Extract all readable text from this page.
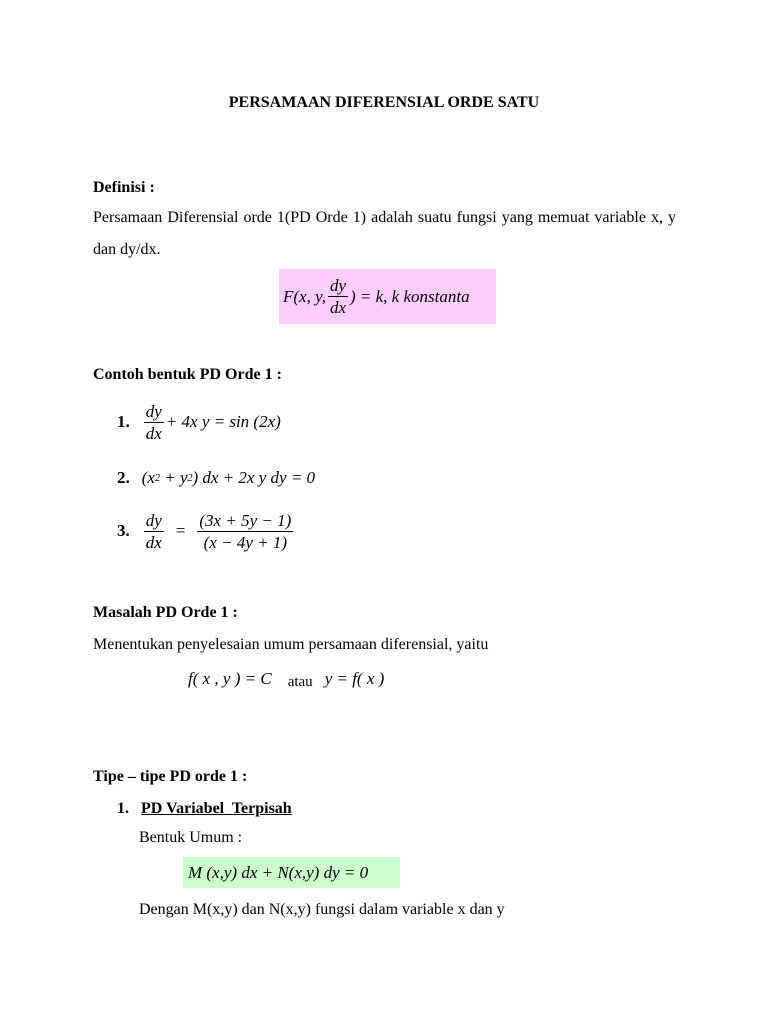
PERSAMAAN DIFERENSIAL ORDE SATU
Definisi :
Persamaan Diferensial orde 1(PD Orde 1) adalah suatu fungsi yang memuat variable x, y dan dy/dx.
F(x, y, $\frac{dy}{dx}$ ) = k, k konstanta
Contoh bentuk PD Orde 1 :
1. $\frac{dy}{dx} + 4x$ y = sin (2x)
2. (x 2 + y 2 ) dx + 2x y dy = 0
3. $\frac{dy}{dx} = \frac{(3x + 5y - 1)}{(x - 4y + 1)}$
Masalah PD Orde 1 :
Menentukan penyelesaian umum persamaan diferensial, yaitu
f( x , y ) = C atau y = f( x )
Tipe – tipe PD orde 1 :
1. PD Variabel  Terpisah
Bentuk Umum :
M (x,y) dx + N(x,y) dy = 0
Dengan M(x,y) dan N(x,y) fungsi dalam variable x dan y
